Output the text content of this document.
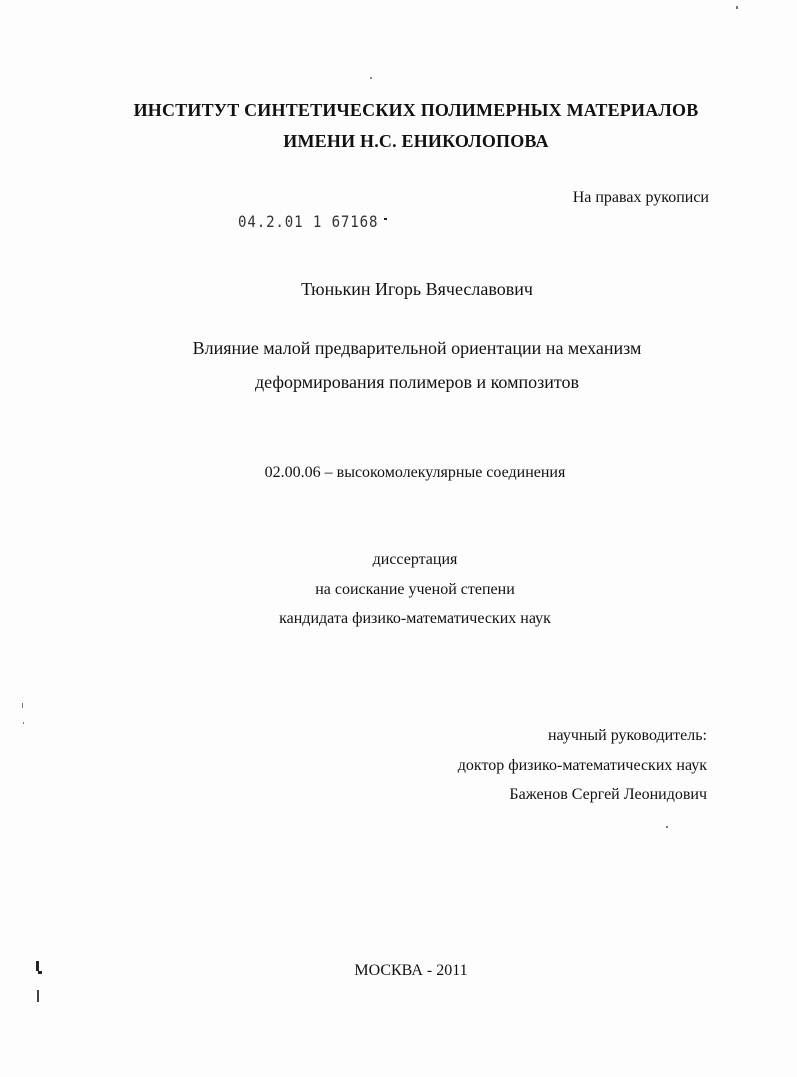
ИНСТИТУТ СИНТЕТИЧЕСКИХ ПОЛИМЕРНЫХ МАТЕРИАЛОВ
ИМЕНИ Н.С. ЕНИКОЛОПОВА
На правах рукописи
04.2.01 1 67168
Тюнькин Игорь Вячеславович
Влияние малой предварительной ориентации на механизм
деформирования полимеров и композитов
02.00.06 – высокомолекулярные соединения
диссертация
на соискание ученой степени
кандидата физико-математических наук
научный руководитель:
доктор физико-математических наук
Баженов Сергей Леонидович
МОСКВА - 2011
